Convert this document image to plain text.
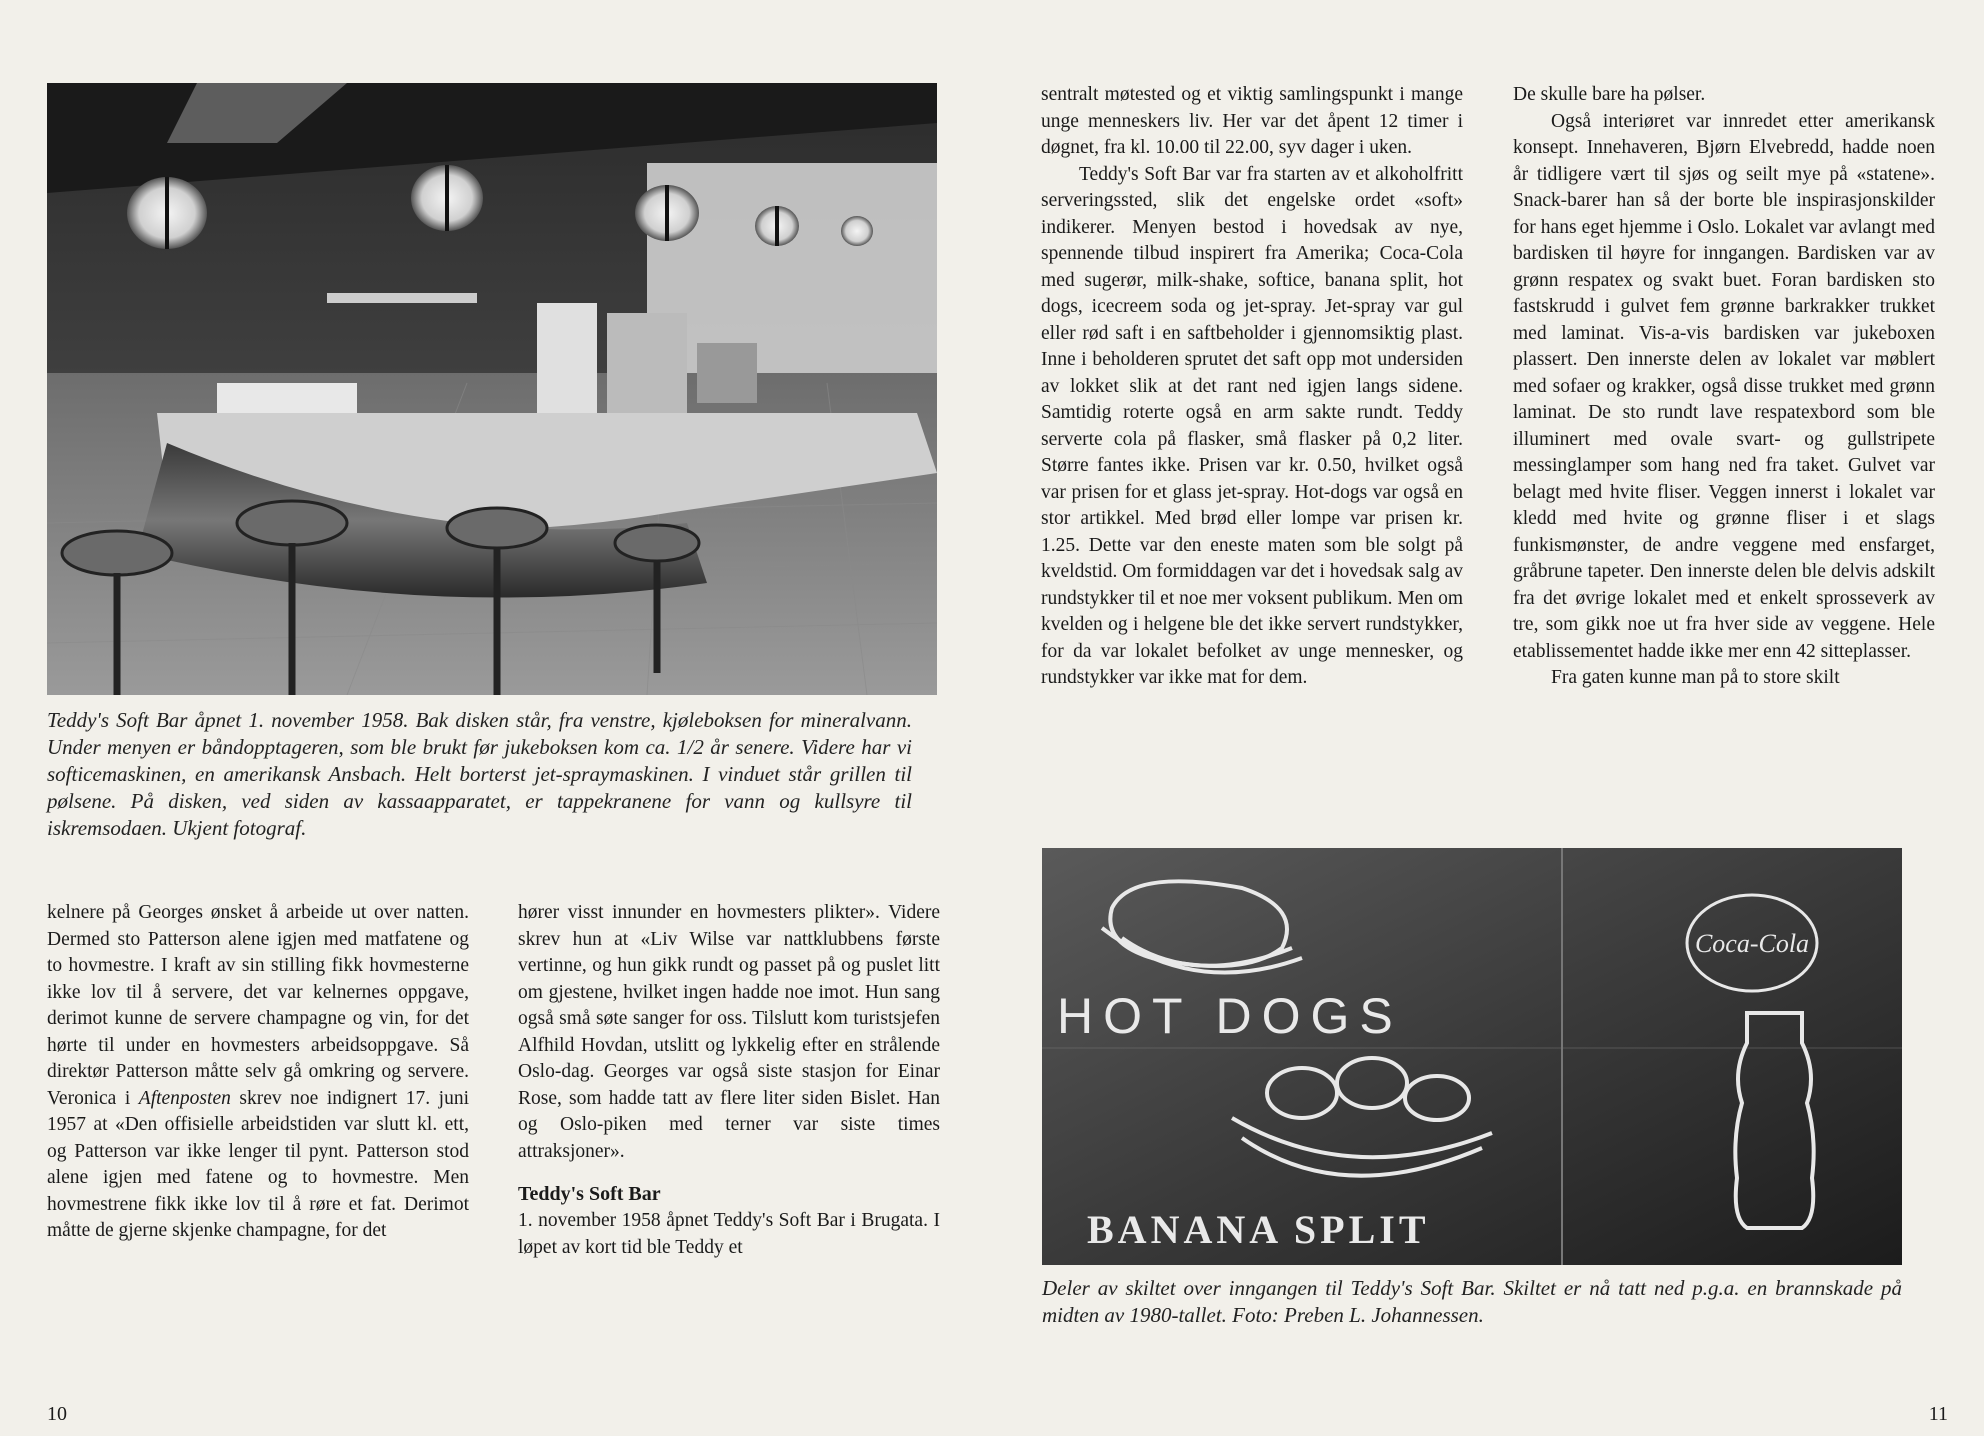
Teddy's Soft Bar åpnet 1. november 1958. Bak disken står, fra venstre, kjøleboksen for mineralvann. Under menyen er båndopptageren, som ble brukt før jukeboksen kom ca. 1/2 år senere. Videre har vi softicemaskinen, en amerikansk Ansbach. Helt borterst jet-spraymaskinen. I vinduet står grillen til pølsene. På disken, ved siden av kassaapparatet, er tappekranene for vann og kullsyre til iskremsodaen. Ukjent fotograf.

kelnere på Georges ønsket å arbeide ut over natten. Dermed sto Patterson alene igjen med matfatene og to hovmestre. I kraft av sin stilling fikk hovmesterne ikke lov til å servere, det var kelnernes oppgave, derimot kunne de servere champagne og vin, for det hørte til under en hovmesters arbeidsoppgave. Så direktør Patterson måtte selv gå omkring og servere. Veronica i Aftenposten skrev noe indignert 17. juni 1957 at «Den offisielle arbeidstiden var slutt kl. ett, og Patterson var ikke lenger til pynt. Patterson stod alene igjen med fatene og to hovmestre. Men hovmestrene fikk ikke lov til å røre et fat. Derimot måtte de gjerne skjenke champagne, for det

hører visst innunder en hovmesters plikter». Videre skrev hun at «Liv Wilse var nattklubbens første vertinne, og hun gikk rundt og passet på og puslet litt om gjestene, hvilket ingen hadde noe imot. Hun sang også små søte sanger for oss. Tilslutt kom turistsjefen Alfhild Hovdan, utslitt og lykkelig efter en strålende Oslo-dag. Georges var også siste stasjon for Einar Rose, som hadde tatt av flere liter siden Bislet. Han og Oslo-piken med terner var siste times attraksjoner».

Teddy's Soft Bar

1. november 1958 åpnet Teddy's Soft Bar i Brugata. I løpet av kort tid ble Teddy et

10

sentralt møtested og et viktig samlingspunkt i mange unge menneskers liv. Her var det åpent 12 timer i døgnet, fra kl. 10.00 til 22.00, syv dager i uken.

Teddy's Soft Bar var fra starten av et alkoholfritt serveringssted, slik det engelske ordet «soft» indikerer. Menyen bestod i hovedsak av nye, spennende tilbud inspirert fra Amerika; Coca-Cola med sugerør, milk-shake, softice, banana split, hot dogs, icecreem soda og jet-spray. Jet-spray var gul eller rød saft i en saftbeholder i gjennomsiktig plast. Inne i beholderen sprutet det saft opp mot undersiden av lokket slik at det rant ned igjen langs sidene. Samtidig roterte også en arm sakte rundt. Teddy serverte cola på flasker, små flasker på 0,2 liter. Større fantes ikke. Prisen var kr. 0.50, hvilket også var prisen for et glass jet-spray. Hot-dogs var også en stor artikkel. Med brød eller lompe var prisen kr. 1.25. Dette var den eneste maten som ble solgt på kveldstid. Om formiddagen var det i hovedsak salg av rundstykker til et noe mer voksent publikum. Men om kvelden og i helgene ble det ikke servert rundstykker, for da var lokalet befolket av unge mennesker, og rundstykker var ikke mat for dem.

De skulle bare ha pølser.

Også interiøret var innredet etter amerikansk konsept. Innehaveren, Bjørn Elvebredd, hadde noen år tidligere vært til sjøs og seilt mye på «statene». Snack-barer han så der borte ble inspirasjonskilder for hans eget hjemme i Oslo. Lokalet var avlangt med bardisken til høyre for inngangen. Bardisken var av grønn respatex og svakt buet. Foran bardisken sto fastskrudd i gulvet fem grønne barkrakker trukket med laminat. Vis-a-vis bardisken var jukeboxen plassert. Den innerste delen av lokalet var møblert med sofaer og krakker, også disse trukket med grønn laminat. De sto rundt lave respatexbord som ble illuminert med ovale svart- og gullstripete messinglamper som hang ned fra taket. Gulvet var belagt med hvite fliser. Veggen innerst i lokalet var kledd med hvite og grønne fliser i et slags funkismønster, de andre veggene med ensfarget, gråbrune tapeter. Den innerste delen ble delvis adskilt fra det øvrige lokalet med et enkelt sprosseverk av tre, som gikk noe ut fra hver side av veggene. Hele etablissementet hadde ikke mer enn 42 sitteplasser.

Fra gaten kunne man på to store skilt

Coca-Cola
HOT DOGS
BANANA SPLIT
Deler av skiltet over inngangen til Teddy's Soft Bar. Skiltet er nå tatt ned p.g.a. en brannskade på midten av 1980-tallet. Foto: Preben L. Johannessen.
11
